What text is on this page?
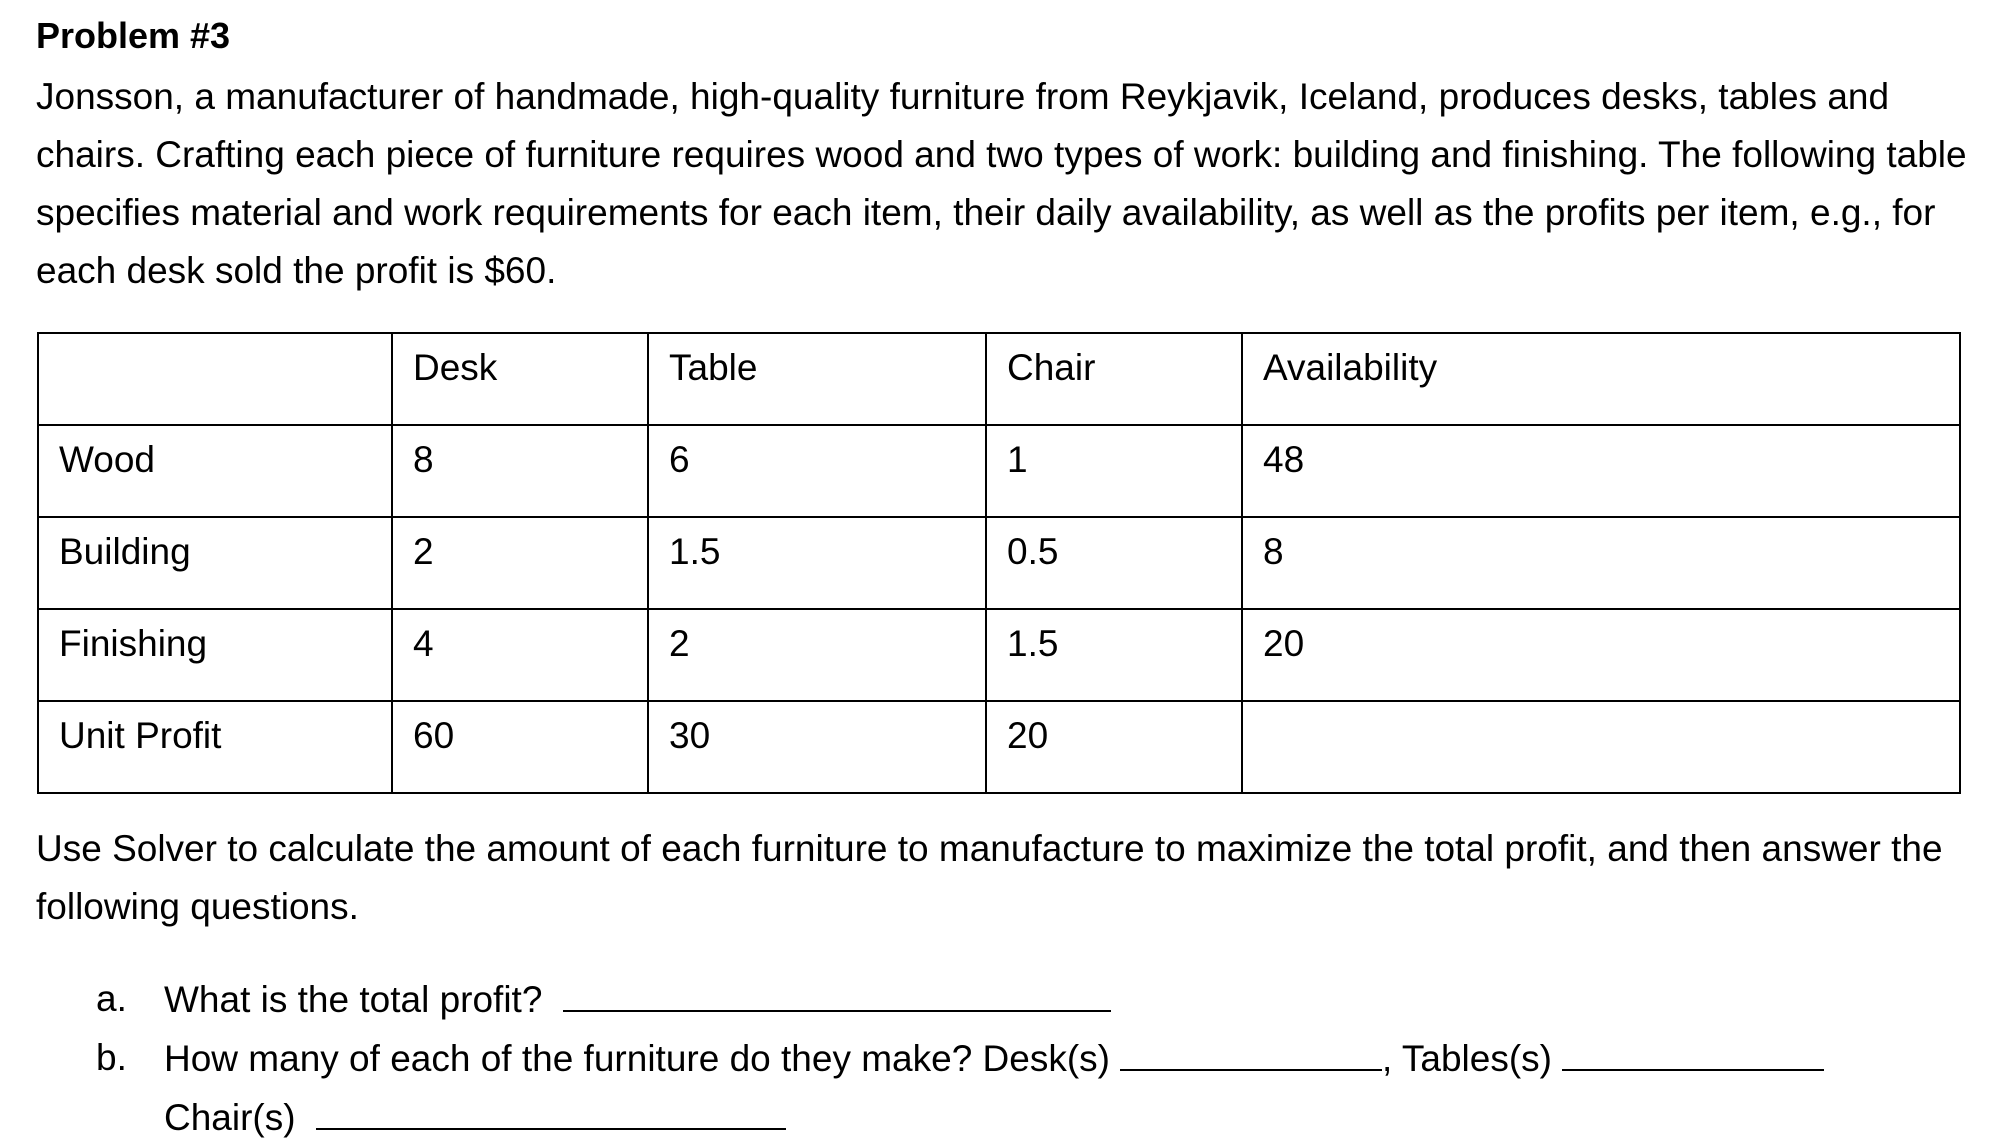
Problem #3

Jonsson, a manufacturer of handmade, high-quality furniture from Reykjavik, Iceland, produces desks, tables and chairs. Crafting each piece of furniture requires wood and two types of work: building and finishing. The following table specifies material and work requirements for each item, their daily availability, as well as the profits per item, e.g., for each desk sold the profit is $60.

	Desk	Table	Chair	Availability
Wood	8	6	1	48
Building	2	1.5	0.5	8
Finishing	4	2	1.5	20
Unit Profit	60	30	20	

Use Solver to calculate the amount of each furniture to manufacture to maximize the total profit, and then answer the following questions.

a. What is the total profit?
b. How many of each of the furniture do they make? Desk(s)	, Tables(s)
Chair(s)
